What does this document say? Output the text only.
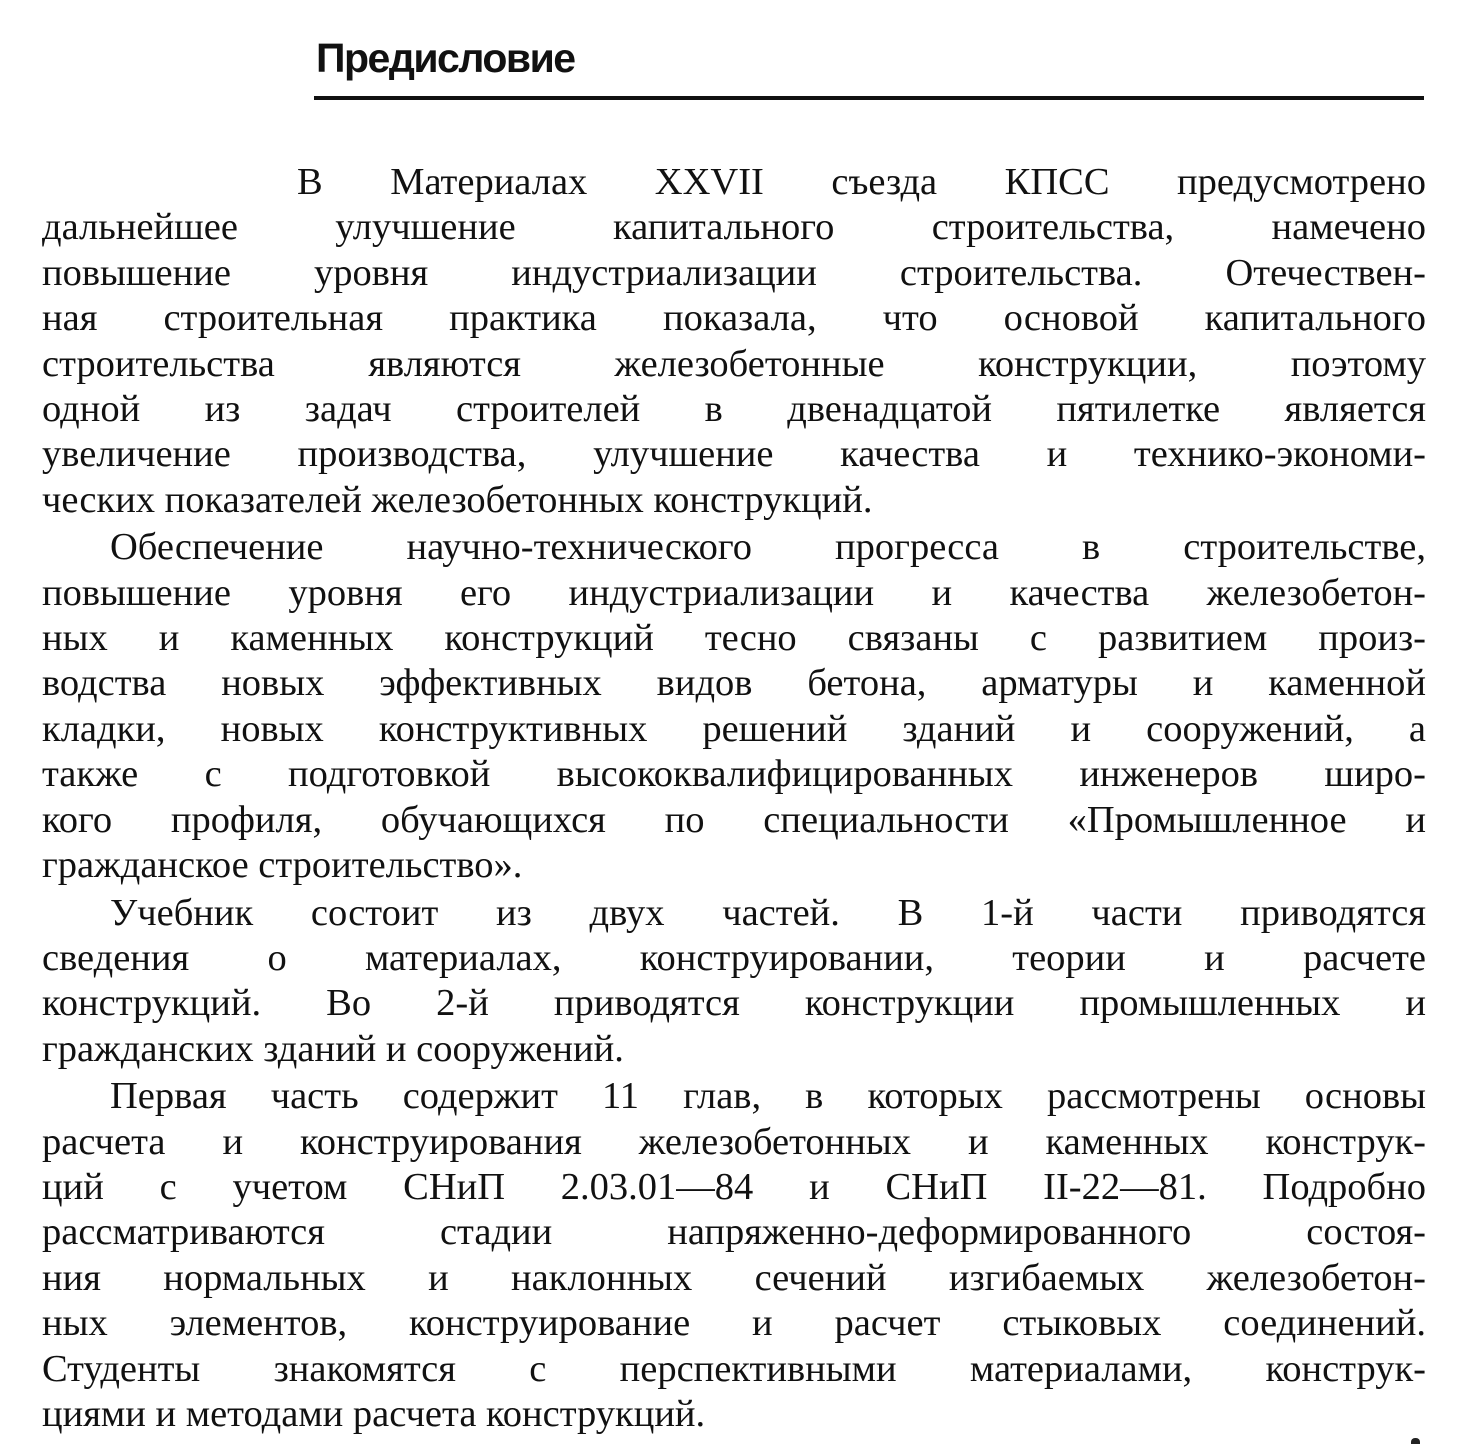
Предисловие

В Материалах XXVII съезда КПСС предусмотрено
дальнейшее улучшение капитального строительства, намечено
повышение уровня индустриализации строительства. Отечествен-
ная строительная практика показала, что основой капитального
строительства являются железобетонные конструкции, поэтому
одной из задач строителей в двенадцатой пятилетке является
увеличение производства, улучшение качества и технико-экономи-
ческих показателей железобетонных конструкций.

Обеспечение научно-технического прогресса в строительстве,
повышение уровня его индустриализации и качества железобетон-
ных и каменных конструкций тесно связаны с развитием произ-
водства новых эффективных видов бетона, арматуры и каменной
кладки, новых конструктивных решений зданий и сооружений, а
также с подготовкой высококвалифицированных инженеров широ-
кого профиля, обучающихся по специальности «Промышленное и
гражданское строительство».

Учебник состоит из двух частей. В 1-й части приводятся
сведения о материалах, конструировании, теории и расчете
конструкций. Во 2-й приводятся конструкции промышленных и
гражданских зданий и сооружений.

Первая часть содержит 11 глав, в которых рассмотрены основы
расчета и конструирования железобетонных и каменных конструк-
ций с учетом СНиП 2.03.01—84 и СНиП II-22—81. Подробно
рассматриваются стадии напряженно-деформированного состоя-
ния нормальных и наклонных сечений изгибаемых железобетон-
ных элементов, конструирование и расчет стыковых соединений.
Студенты знакомятся с перспективными материалами, конструк-
циями и методами расчета конструкций.
